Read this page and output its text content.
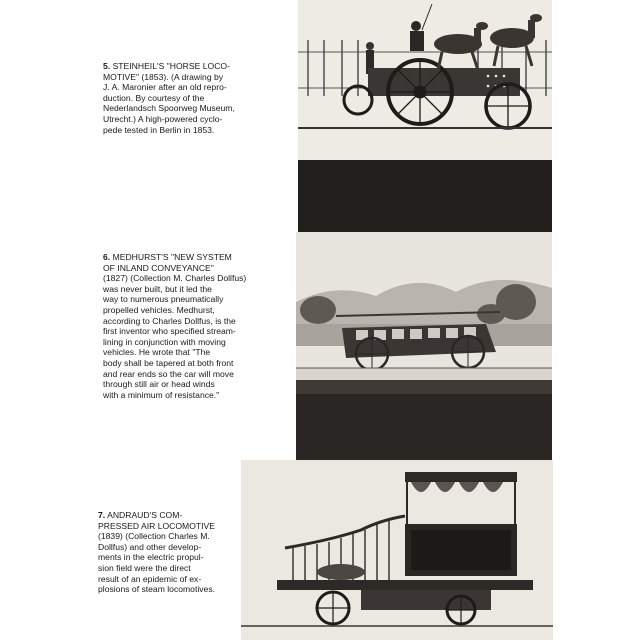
5. STEINHEIL'S "HORSE LOCO-
MOTIVE" (1853). (A drawing by
J. A. Maronier after an old repro-
duction. By courtesy of the
Nederlandsch Spoorweg Museum,
Utrecht.) A high-powered cyclo-
pede tested in Berlin in 1853.

6. MEDHURST'S "NEW SYSTEM
OF INLAND CONVEYANCE"
(1827) (Collection M. Charles Dollfus)
was never built, but it led the
way to numerous pneumatically
propelled vehicles. Medhurst,
according to Charles Dollfus, is the
first inventor who specified stream-
lining in conjunction with moving
vehicles. He wrote that "The
body shall be tapered at both front
and rear ends so the car will move
through still air or head winds
with a minimum of resistance."

7. ANDRAUD'S COM-
PRESSED AIR LOCOMOTIVE
(1839) (Collection Charles M.
Dollfus) and other develop-
ments in the electric propul-
sion field were the direct
result of an epidemic of ex-
plosions of steam locomotives.
